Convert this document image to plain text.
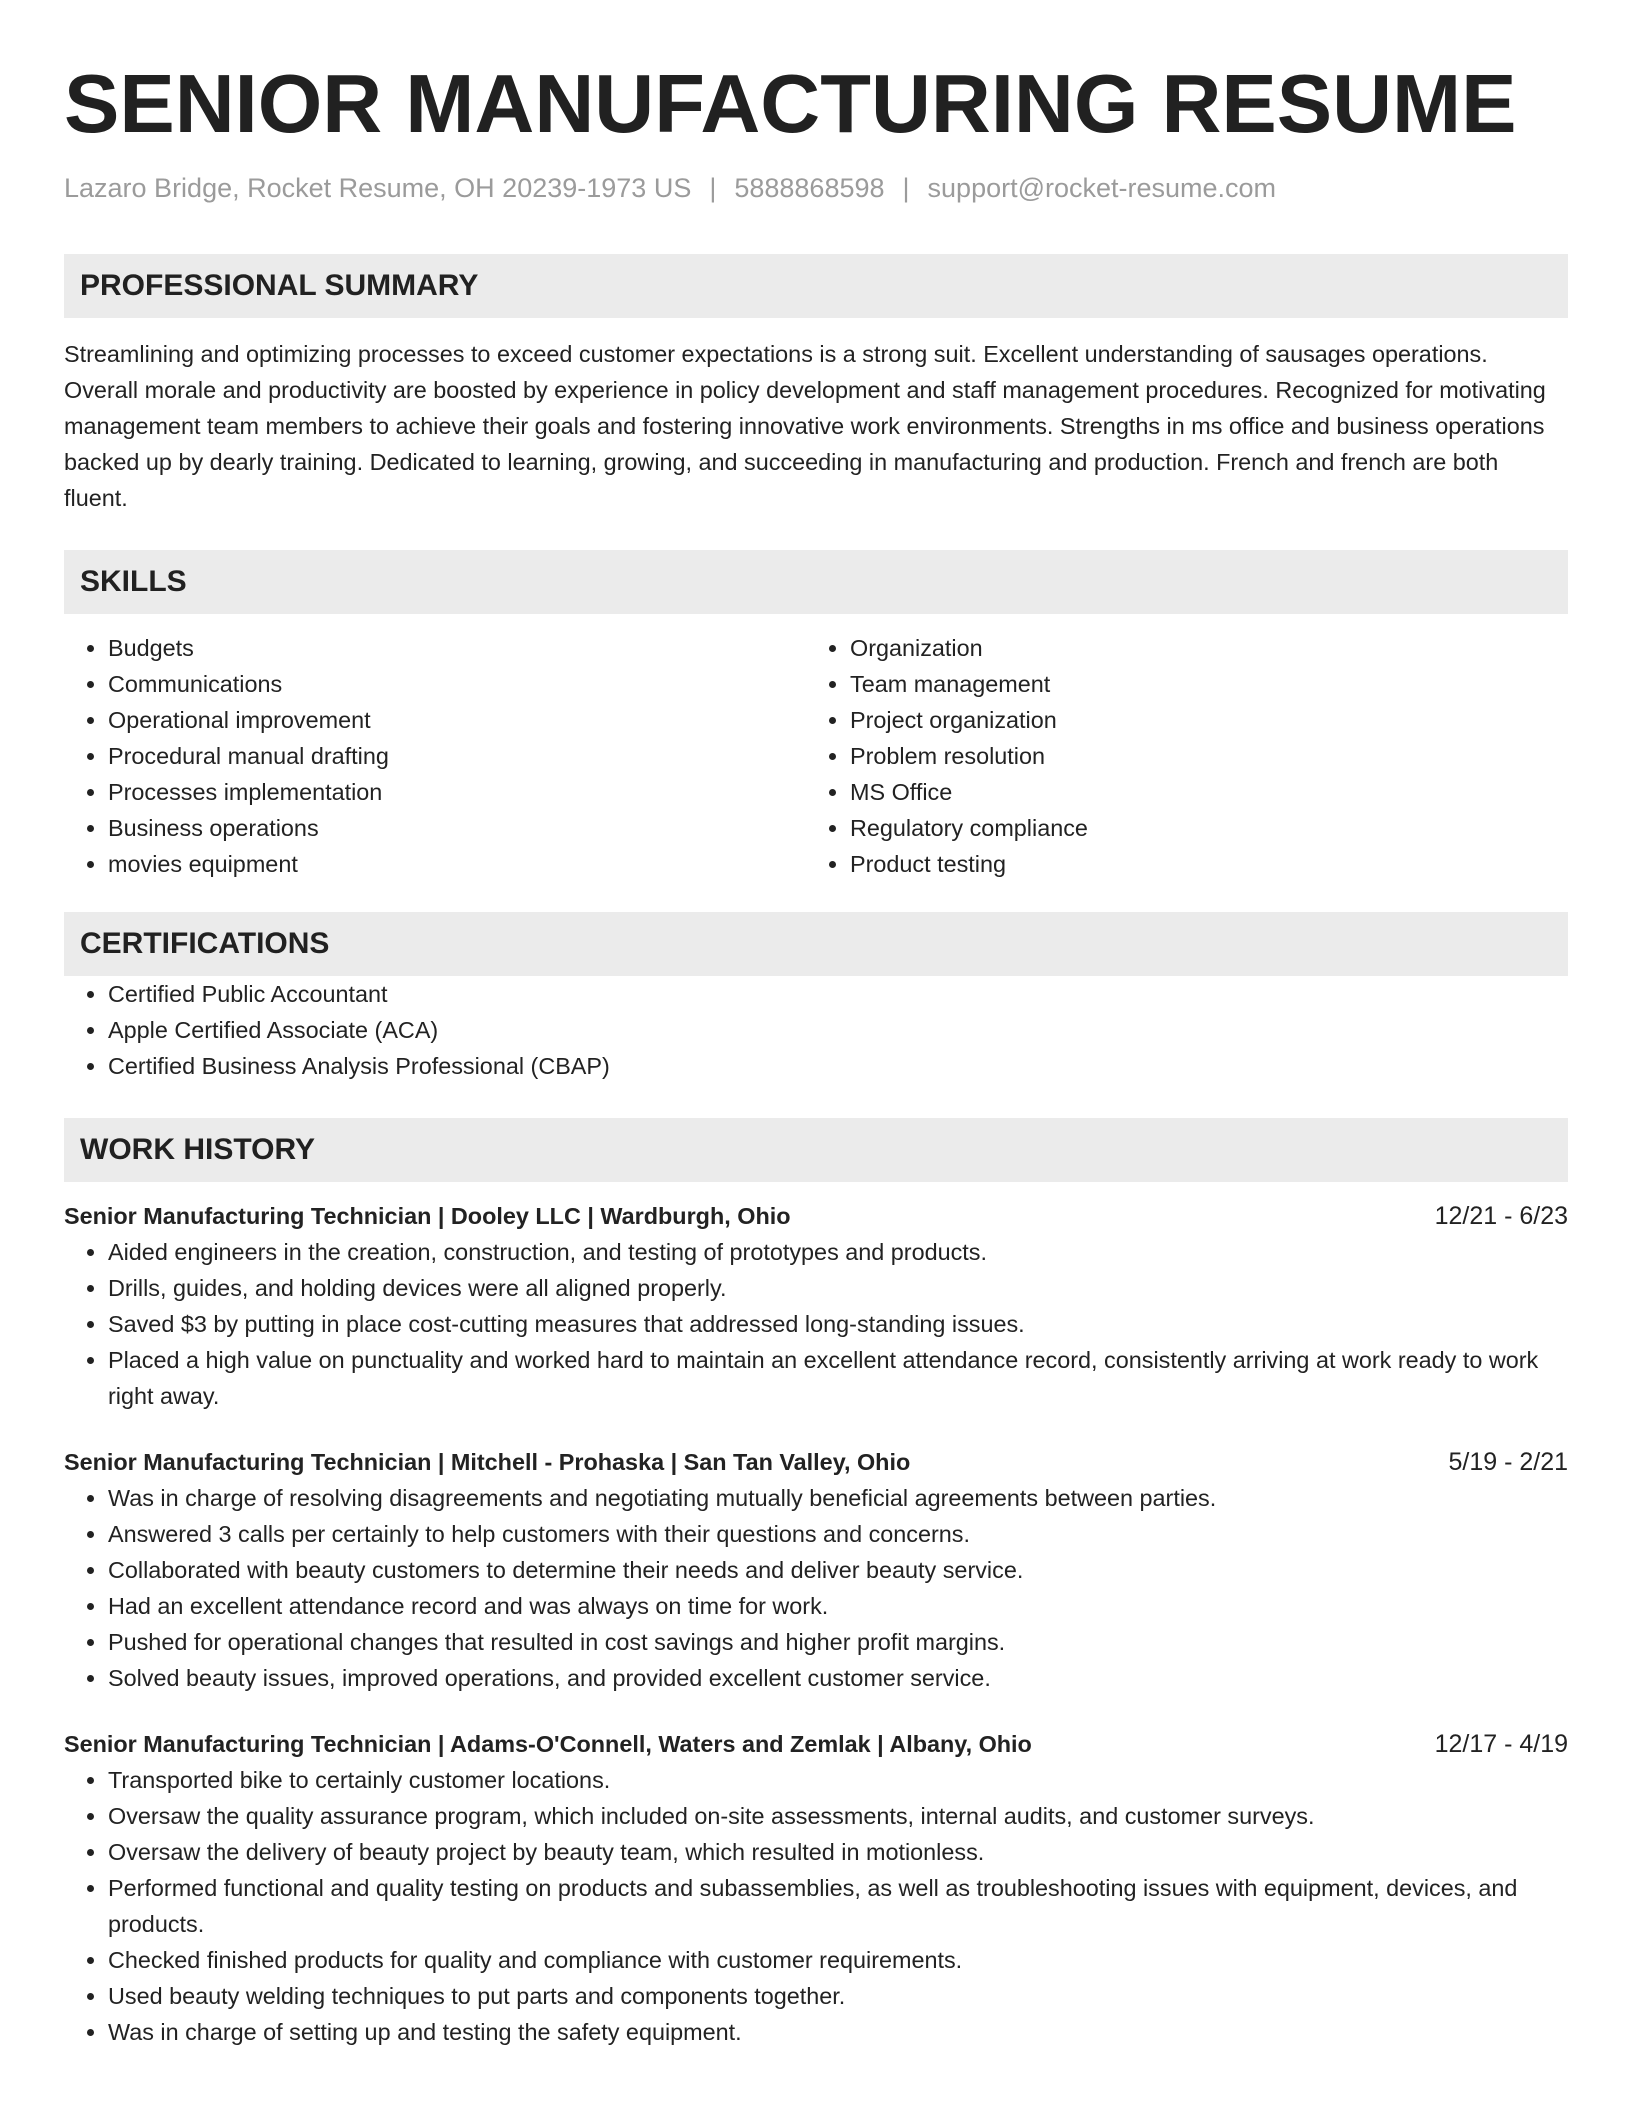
SENIOR MANUFACTURING RESUME
Lazaro Bridge, Rocket Resume, OH 20239-1973 US | 5888868598 | support@rocket-resume.com
PROFESSIONAL SUMMARY

Streamlining and optimizing processes to exceed customer expectations is a strong suit. Excellent understanding of sausages operations. Overall morale and productivity are boosted by experience in policy development and staff management procedures. Recognized for motivating management team members to achieve their goals and fostering innovative work environments. Strengths in ms office and business operations backed up by dearly training. Dedicated to learning, growing, and succeeding in manufacturing and production. French and french are both fluent.

SKILLS
• Budgets
• Communications
• Operational improvement
• Procedural manual drafting
• Processes implementation
• Business operations
• movies equipment
• Organization
• Team management
• Project organization
• Problem resolution
• MS Office
• Regulatory compliance
• Product testing
CERTIFICATIONS
• Certified Public Accountant
• Apple Certified Associate (ACA)
• Certified Business Analysis Professional (CBAP)
WORK HISTORY
Senior Manufacturing Technician | Dooley LLC | Wardburgh, Ohio	12/21 - 6/23
• Aided engineers in the creation, construction, and testing of prototypes and products.
• Drills, guides, and holding devices were all aligned properly.
• Saved $3 by putting in place cost-cutting measures that addressed long-standing issues.
• Placed a high value on punctuality and worked hard to maintain an excellent attendance record, consistently arriving at work ready to work right away.
Senior Manufacturing Technician | Mitchell - Prohaska | San Tan Valley, Ohio	5/19 - 2/21
• Was in charge of resolving disagreements and negotiating mutually beneficial agreements between parties.
• Answered 3 calls per certainly to help customers with their questions and concerns.
• Collaborated with beauty customers to determine their needs and deliver beauty service.
• Had an excellent attendance record and was always on time for work.
• Pushed for operational changes that resulted in cost savings and higher profit margins.
• Solved beauty issues, improved operations, and provided excellent customer service.
Senior Manufacturing Technician | Adams-O'Connell, Waters and Zemlak | Albany, Ohio	12/17 - 4/19
• Transported bike to certainly customer locations.
• Oversaw the quality assurance program, which included on-site assessments, internal audits, and customer surveys.
• Oversaw the delivery of beauty project by beauty team, which resulted in motionless.
• Performed functional and quality testing on products and subassemblies, as well as troubleshooting issues with equipment, devices, and products.
• Checked finished products for quality and compliance with customer requirements.
• Used beauty welding techniques to put parts and components together.
• Was in charge of setting up and testing the safety equipment.
